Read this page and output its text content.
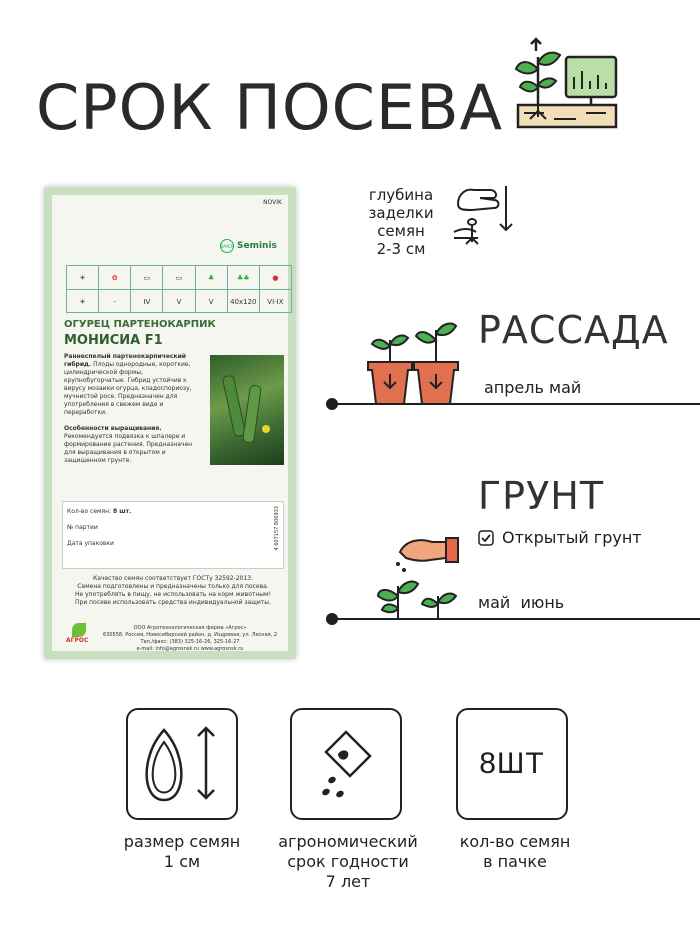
СРОК ПОСЕВА
NOVIK
BAYER Seminis
☀	✿	▭	▭	♣	♣♣	●
☀	-	IV	V	V	40x120	VI-IX
ОГУРЕЦ ПАРТЕНОКАРПИК
МОНИСИА F1
Раннеспелый партенокарпический гибрид. Плоды однородные, короткие, цилиндрической формы, крупнобугорчатые. Гибрид устойчив к вирусу мозаики огурца, кладоспориозу, мучнистой росе. Предназначен для употребления в свежем виде и переработки.

Особенности выращивания. Рекомендуется подвязка к шпалере и формирование растения. Предназначен для выращивания в открытом и защищенном грунте.
Кол-во семян: 8 шт.
№ партии
Дата упаковки	4 607157 806933
Качество семян соответствует ГОСТу 32592-2013.
Семена подготовлены и предназначены только для посева.
Не употреблять в пищу, не использовать на корм животным!
При посеве использовать средства индивидуальной защиты.
АГРОС
ООО Агротехнологическая фирма «Агрос»
630558, Россия, Новосибирский район, д. Издревая, ул. Лесная, 2
Тел./факс: (383) 325-16-26, 325-16-27
e-mail: info@agrosnsk.ru www.agrosnsk.ru
глубина
заделки
семян
2-3 см
РАССАДА
апрель май
ГРУНТ
Открытый грунт
май  июнь
8ШТ
размер семян
1 см
агрономический
срок годности
7 лет
кол-во семян
в пачке
